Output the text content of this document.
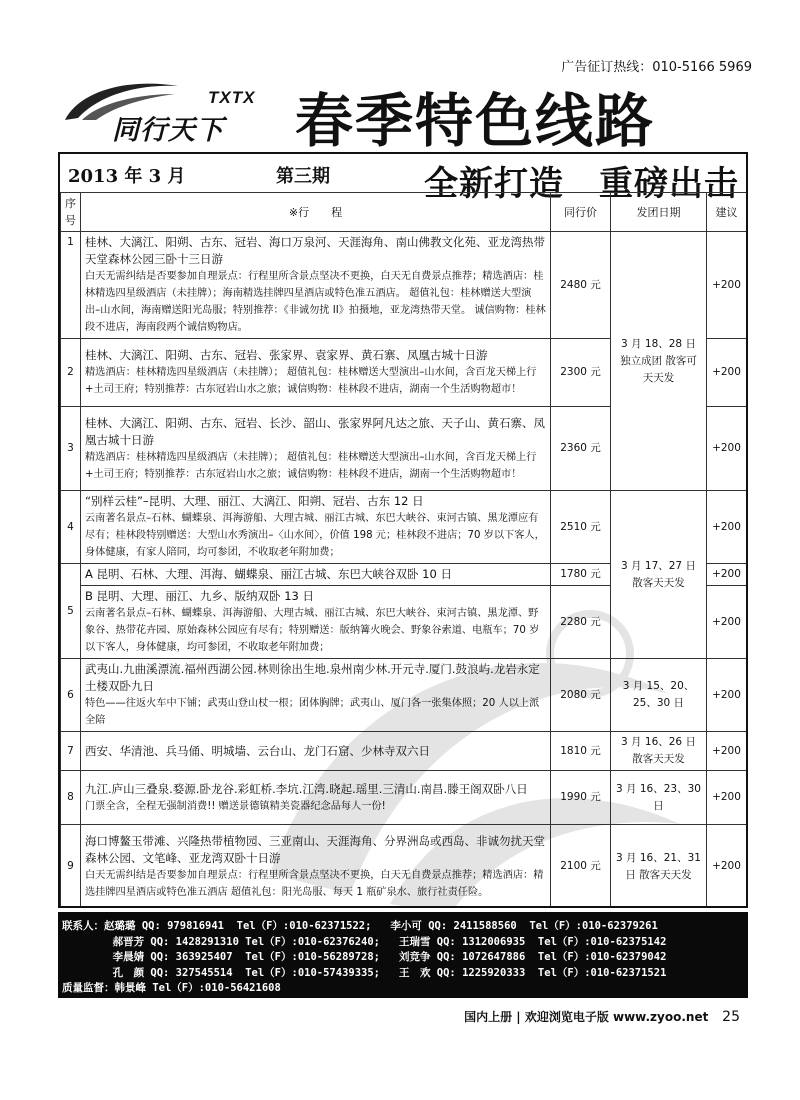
广告征订热线：010-5166 5969
TXTX
同行天下 春季特色线路
2013 年 3 月	第三期	全新打造　重磅出击
序号	※行　　程	同行价	发团日期	建议
1	桂林、大漓江、阳朔、古东、冠岩、海口万泉河、天涯海角、南山佛教文化苑、亚龙湾热带天堂森林公园三卧十三日游
白天无需纠结是否要参加自理景点：行程里所含景点坚决不更换，白天无自费景点推荐；精选酒店：桂林精选四星级酒店（未挂牌）；海南精选挂牌四星酒店或特色准五酒店。 超值礼包：桂林赠送大型演出–山水间，海南赠送阳光岛服；特别推荐：《非诚勿扰 II》拍摄地，亚龙湾热带天堂。 诚信购物：桂林段不进店，海南段两个诚信购物店。	2480 元	3 月 18、28 日 独立成团 散客可天天发	+200
2	桂林、大漓江、阳朔、古东、冠岩、张家界、袁家界、黄石寨、凤凰古城十日游
精选酒店：桂林精选四星级酒店（未挂牌）； 超值礼包：桂林赠送大型演出–山水间，含百龙天梯上行+土司王府；特别推荐：古东冠岩山水之旅；诚信购物：桂林段不进店，湖南一个生活购物超市！	2300 元		+200
3	桂林、大漓江、阳朔、古东、冠岩、长沙、韶山、张家界阿凡达之旅、天子山、黄石寨、凤凰古城十日游
精选酒店：桂林精选四星级酒店（未挂牌）； 超值礼包：桂林赠送大型演出–山水间，含百龙天梯上行+土司王府；特别推荐：古东冠岩山水之旅；诚信购物：桂林段不进店，湖南一个生活购物超市！	2360 元		+200
4	“别样云桂”–昆明、大理、丽江、大漓江、阳朔、冠岩、古东 12 日
云南著名景点–石林、蝴蝶泉、洱海游船、大理古城、丽江古城、东巴大峡谷、束河古镇、黑龙潭应有尽有；桂林段特别赠送：大型山水秀演出–〈山水间〉，价值 198 元；桂林段不进店；70 岁以下客人，身体健康，有家人陪同，均可参团，不收取老年附加费；	2510 元	3 月 17、27 日 散客天天发	+200
5	A 昆明、石林、大理、洱海、蝴蝶泉、丽江古城、东巴大峡谷双卧 10 日	1780 元		+200

	B 昆明、大理、丽江、九乡、版纳双卧 13 日
云南著名景点–石林、蝴蝶泉、洱海游船、大理古城、丽江古城、东巴大峡谷、束河古镇、黑龙潭、野象谷、热带花卉园、原始森林公园应有尽有；特别赠送：版纳篝火晚会、野象谷索道、电瓶车；70 岁以下客人，身体健康，均可参团，不收取老年附加费；	2280 元		+200
6	武夷山.九曲溪漂流.福州西湖公园.林则徐出生地.泉州南少林.开元寺.厦门.鼓浪屿.龙岩永定土楼双卧九日
特色——往返火车中下铺；武夷山登山杖一根；团体胸牌；武夷山、厦门各一张集体照；20 人以上派全陪	2080 元	3 月 15、20、25、30 日	+200
7	西安、华清池、兵马俑、明城墙、云台山、龙门石窟、少林寺双六日	1810 元	3 月 16、26 日 散客天天发	+200
8	九江.庐山三叠泉.婺源.卧龙谷.彩虹桥.李坑.江湾.晓起.瑶里.三清山.南昌.滕王阁双卧八日
门票全含，全程无强制消费!! 赠送景德镇精美瓷器纪念品每人一份!	1990 元	3 月 16、23、30 日	+200
9	海口博鳌玉带滩、兴隆热带植物园、三亚南山、天涯海角、分界洲岛或西岛、非诚勿扰天堂森林公园、文笔峰、亚龙湾双卧十日游
白天无需纠结是否要参加自理景点：行程里所含景点坚决不更换，白天无自费景点推荐；精选酒店：精选挂牌四星酒店或特色准五酒店 超值礼包：阳光岛服、每天 1 瓶矿泉水、旅行社责任险。	2100 元	3 月 16、21、31 日 散客天天发	+200

联系人：赵璐璐 QQ: 979816941  Tel（F）:010-62371522;   李小可 QQ: 2411588560  Tel（F）:010-62379261
郝晋芳 QQ: 1428291310 Tel（F）:010-62376240;   王瑞雪 QQ: 1312006935  Tel（F）:010-62375142
李晨婧 QQ: 363925407  Tel（F）:010-56289728;   刘竞争 QQ: 1072647886  Tel（F）:010-62379042
孔　颜 QQ: 327545514  Tel（F）:010-57439335;   王　欢 QQ: 1225920333  Tel（F）:010-62371521
质量监督：韩景峰 Tel（F）:010-56421608
国内上册 | 欢迎浏览电子版 www.zyoo.net 25
